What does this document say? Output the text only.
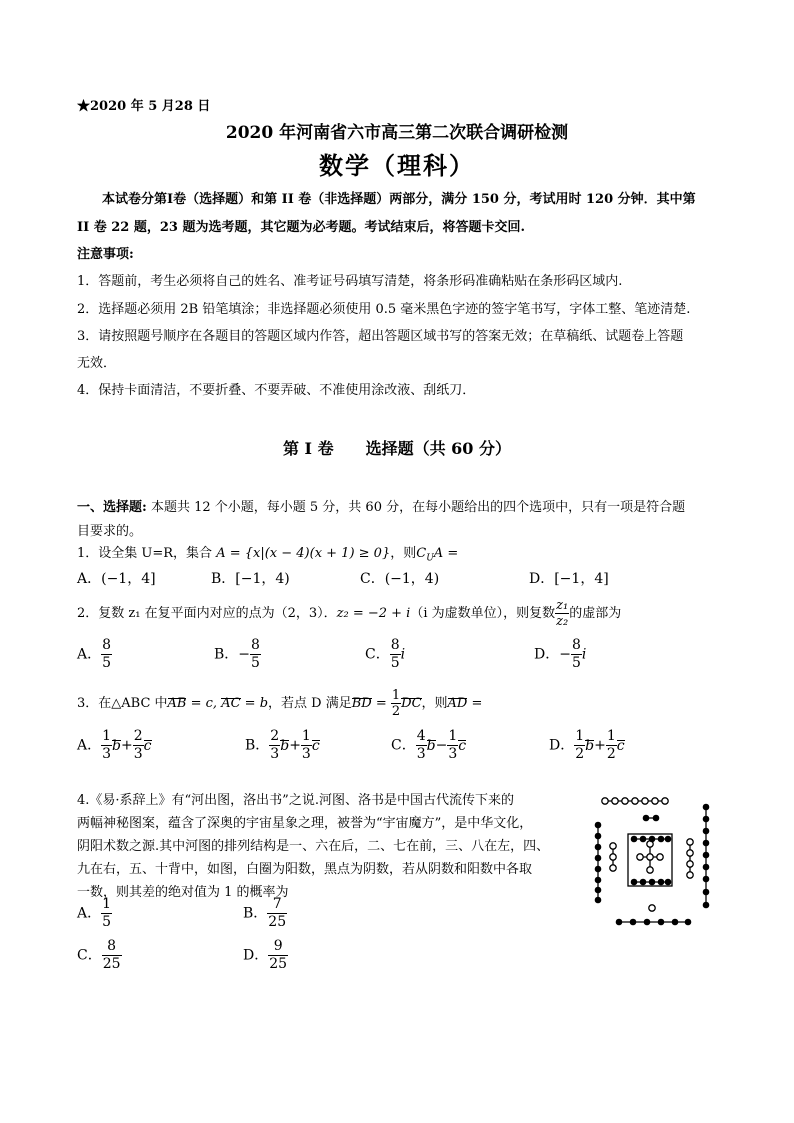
★2020 年 5 月28 日
2020 年河南省六市高三第二次联合调研检测
数学（理科）
本试卷分第Ⅰ卷（选择题）和第 II 卷（非选择题）两部分，满分 150 分，考试用时 120 分钟．其中第
II 卷 22 题，23 题为选考题，其它题为必考题。考试结束后，将答题卡交回.
注意事项:
1．答题前，考生必须将自己的姓名、准考证号码填写清楚，将条形码准确粘贴在条形码区域内.
2．选择题必须用 2B 铅笔填涂；非选择题必须使用 0.5 毫米黑色字迹的签字笔书写，字体工整、笔迹清楚.
3．请按照题号顺序在各题目的答题区域内作答，超出答题区域书写的答案无效；在草稿纸、试题卷上答题
无效．
4．保持卡面清洁，不要折叠、不要弄破、不准使用涂改液、刮纸刀．
第 I 卷　　选择题（共 60 分）
一、选择题: 本题共 12 个小题，每小题 5 分，共 60 分，在每小题给出的四个选项中，只有一项是符合题
目要求的。
1．设全集 U=R，集合 A = {x|(x − 4)(x + 1) ≥ 0}，则$C_UA$ =
A．(−1，4]	B．[−1，4)	C．(−1，4)	D．[−1，4]
2．复数 z₁ 在复平面内对应的点为（2，3）．z₂ = −2 + i（i 为虚数单位），则复数 $\frac{\text{z₁}}{\text{z₂}}$ 的虚部为
A． $\frac{8}{5}$	B．− $\frac{8}{5}$	C． $\frac{8}{5}$ i	D．− $\frac{8}{5}$ i
3．在△ABC 中AB = c, AC = b，若点 D 满足BD = $\frac{1}{2}$ DC，则AD =
A． $\frac{1}{3} b+ \frac{2}{3}$ c	B． $\frac{2}{3} b+ \frac{1}{3}$ c	C． $\frac{4}{3} b- \frac{1}{3}$ c	D． $\frac{1}{2} b+ \frac{1}{2}$ c
4.《易·系辞上》有“河出图，洛出书”之说.河图、洛书是中国古代流传下来的
两幅神秘图案，蕴含了深奥的宇宙星象之理，被誉为“宇宙魔方”，是中华文化，
阴阳术数之源.其中河图的排列结构是一、六在后，二、七在前，三、八在左，四、
九在右，五、十背中，如图，白圈为阳数，黑点为阴数，若从阴数和阳数中各取
一数，则其差的绝对值为 1 的概率为
A． $\frac{1}{5}$	B． $\frac{7}{25}$
C． $\frac{8}{25}$	D． $\frac{9}{25}$
